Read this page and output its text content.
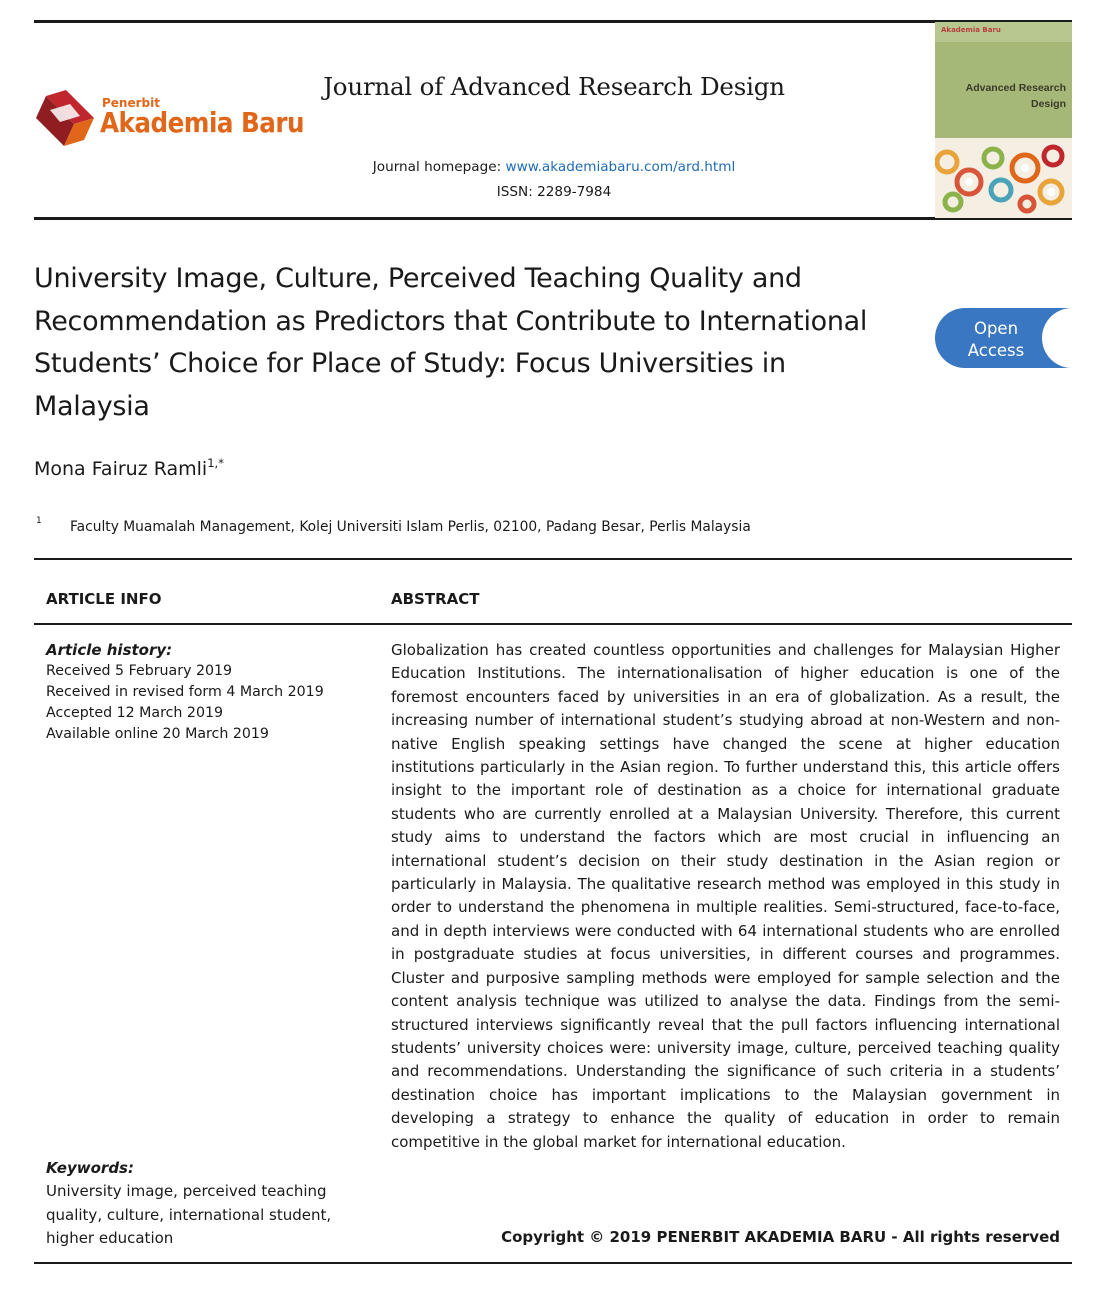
Penerbit
Akademia Baru
Journal of Advanced Research Design
Journal homepage: www.akademiabaru.com/ard.html
ISSN: 2289-7984
Akademia Baru
Advanced Research
Design
University Image, Culture, Perceived Teaching Quality and Recommendation as Predictors that Contribute to International Students’ Choice for Place of Study: Focus Universities in Malaysia
Open
Access
Mona Fairuz Ramli$^{1,*}$
1 Faculty Muamalah Management, Kolej Universiti Islam Perlis, 02100, Padang Besar, Perlis Malaysia
ARTICLE INFO	ABSTRACT
Article history:
Received 5 February 2019
Received in revised form 4 March 2019
Accepted 12 March 2019
Available online 20 March 2019
Globalization has created countless opportunities and challenges for Malaysian Higher Education Institutions. The internationalisation of higher education is one of the foremost encounters faced by universities in an era of globalization. As a result, the increasing number of international student’s studying abroad at non-Western and non-native English speaking settings have changed the scene at higher education institutions particularly in the Asian region. To further understand this, this article offers insight to the important role of destination as a choice for international graduate students who are currently enrolled at a Malaysian University. Therefore, this current study aims to understand the factors which are most crucial in influencing an international student’s decision on their study destination in the Asian region or particularly in Malaysia. The qualitative research method was employed in this study in order to understand the phenomena in multiple realities. Semi-structured, face-to-face, and in depth interviews were conducted with 64 international students who are enrolled in postgraduate studies at focus universities, in different courses and programmes. Cluster and purposive sampling methods were employed for sample selection and the content analysis technique was utilized to analyse the data. Findings from the semi-structured interviews significantly reveal that the pull factors influencing international students’ university choices were: university image, culture, perceived teaching quality and recommendations. Understanding the significance of such criteria in a students’ destination choice has important implications to the Malaysian government in developing a strategy to enhance the quality of education in order to remain competitive in the global market for international education.
Keywords:
University image, perceived teaching quality, culture, international student, higher education	Copyright © 2019 PENERBIT AKADEMIA BARU - All rights reserved
